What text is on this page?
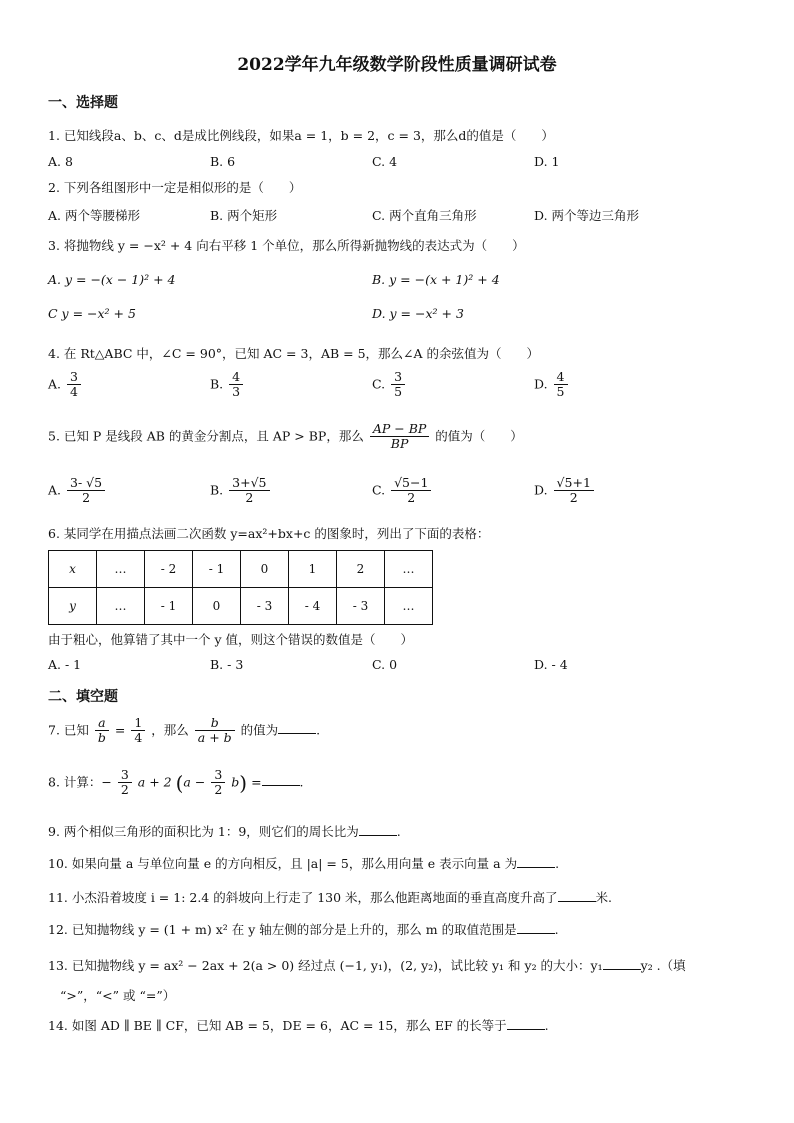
2022学年九年级数学阶段性质量调研试卷
一、选择题
1. 已知线段a、b、c、d是成比例线段，如果a = 1，b = 2，c = 3，那么d的值是（　　）
A. 8	B. 6	C. 4	D. 1
2. 下列各组图形中一定是相似形的是（　　）
A. 两个等腰梯形	B. 两个矩形	C. 两个直角三角形	D. 两个等边三角形
3. 将抛物线 y = −x² + 4 向右平移 1 个单位，那么所得新抛物线的表达式为（　　）
A. y = −(x − 1)² + 4	B. y = −(x + 1)² + 4
C y = −x² + 5	D. y = −x² + 3
4. 在 Rt△ABC 中，∠C = 90°，已知 AC = 3，AB = 5，那么∠A 的余弦值为（　　）
A. $\frac{3}{4}$	B. $\frac{4}{3}$	C. $\frac{3}{5}$	D. $\frac{4}{5}$
5. 已知 P 是线段 AB 的黄金分割点，且 AP > BP，那么 $\frac{AP - BP}{BP}$ 的值为（　　）
A. $\frac{3- √5}{2}$	B. $\frac{3+√5}{2}$	C. $\frac{√5-1}{2}$	D. $\frac{√5+1}{2}$
6. 某同学在用描点法画二次函数 y=ax²+bx+c 的图象时，列出了下面的表格：
x	…	- 2	- 1	0	1	2	…
y	…	- 1	0	- 3	- 4	- 3	…
由于粗心，他算错了其中一个 y 值，则这个错误的数值是（　　）
A. - 1	B. - 3	C. 0	D. - 4
二、填空题
7. 已知 $\frac{a}{b} = \frac{1}{4}$ ，那么 $\frac{b}{a + b}$ 的值为	.
8. 计算：− $\frac{3}{2}$ a + 2 $(a - \frac{3}{2} b)$ =	.
9. 两个相似三角形的面积比为 1：9，则它们的周长比为	.
10. 如果向量 a 与单位向量 e 的方向相反，且 |a| = 5，那么用向量 e 表示向量 a 为	.
11. 小杰沿着坡度 i = 1: 2.4 的斜坡向上行走了 130 米，那么他距离地面的垂直高度升高了	米.
12. 已知抛物线 y = (1 + m) x² 在 y 轴左侧的部分是上升的，那么 m 的取值范围是	.
13. 已知抛物线 y = ax² − 2ax + 2(a > 0) 经过点 (−1, y₁)，(2, y₂)，试比较 y₁ 和 y₂ 的大小：y₁	y₂ .（填
“>”，“<” 或 “=”）
14. 如图 AD ∥ BE ∥ CF，已知 AB = 5，DE = 6，AC = 15，那么 EF 的长等于	.
